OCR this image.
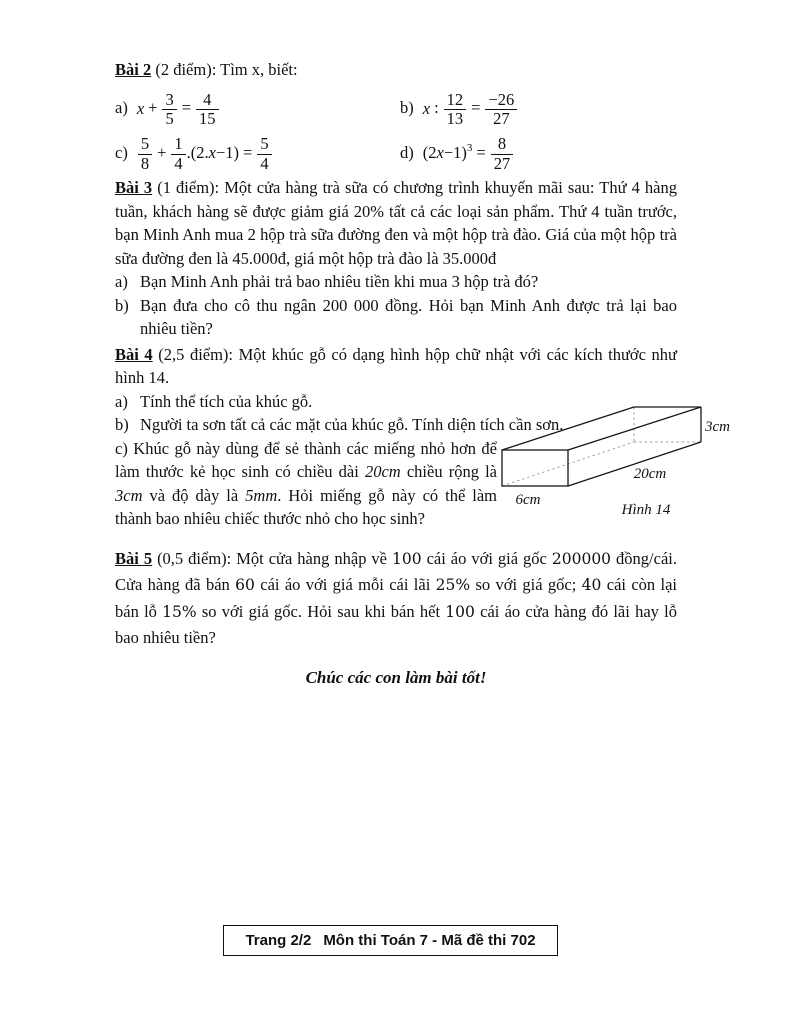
Bài 2 (2 điểm): Tìm x, biết:
a) $x + \frac{3}{5} = \frac{4}{15}$	b) x : $\frac{12}{13} = \frac{-26}{27}$
$c) \frac{5}{8} + \frac{1}{4} .(2.x-1) = \frac{5}{4}$	d) $(2x-1)^3 = \frac{8}{27}$
Bài 3 (1 điểm): Một cửa hàng trà sữa có chương trình khuyến mãi sau: Thứ 4 hàng tuần, khách hàng sẽ được giảm giá 20% tất cả các loại sản phẩm. Thứ 4 tuần trước, bạn Minh Anh mua 2 hộp trà sữa đường đen và một hộp trà đào. Giá của một hộp trà sữa đường đen là 45.000đ, giá một hộp trà đào là 35.000đ
a) Bạn Minh Anh phải trả bao nhiêu tiền khi mua 3 hộp trà đó?
b) Bạn đưa cho cô thu ngân 200 000 đồng. Hỏi bạn Minh Anh được trả lại bao nhiêu tiền?
Bài 4 (2,5 điểm): Một khúc gỗ có dạng hình hộp chữ nhật với các kích thước như hình 14.
a) Tính thể tích của khúc gỗ.
b) Người ta sơn tất cả các mặt của khúc gỗ. Tính diện tích cần sơn.
c) Khúc gỗ này dùng để sẻ thành các miếng nhỏ hơn để làm thước kẻ học sinh có chiều dài 20cm chiều rộng là 3cm và độ dày là 5mm. Hỏi miếng gỗ này có thể làm thành bao nhiêu chiếc thước nhỏ cho học sinh?
Bài 5 (0,5 điểm): Một cửa hàng nhập về 100 cái áo với giá gốc 200000 đồng/cái. Cửa hàng đã bán 60 cái áo với giá mỗi cái lãi 25% so với giá gốc; 40 cái còn lại bán lỗ 15% so với giá gốc. Hỏi sau khi bán hết 100 cái áo cửa hàng đó lãi hay lỗ bao nhiêu tiền?
Chúc các con làm bài tốt!
6cm
20cm
3cm
Hình 14
Trang 2/2 Môn thi Toán 7 - Mã đề thi 702
